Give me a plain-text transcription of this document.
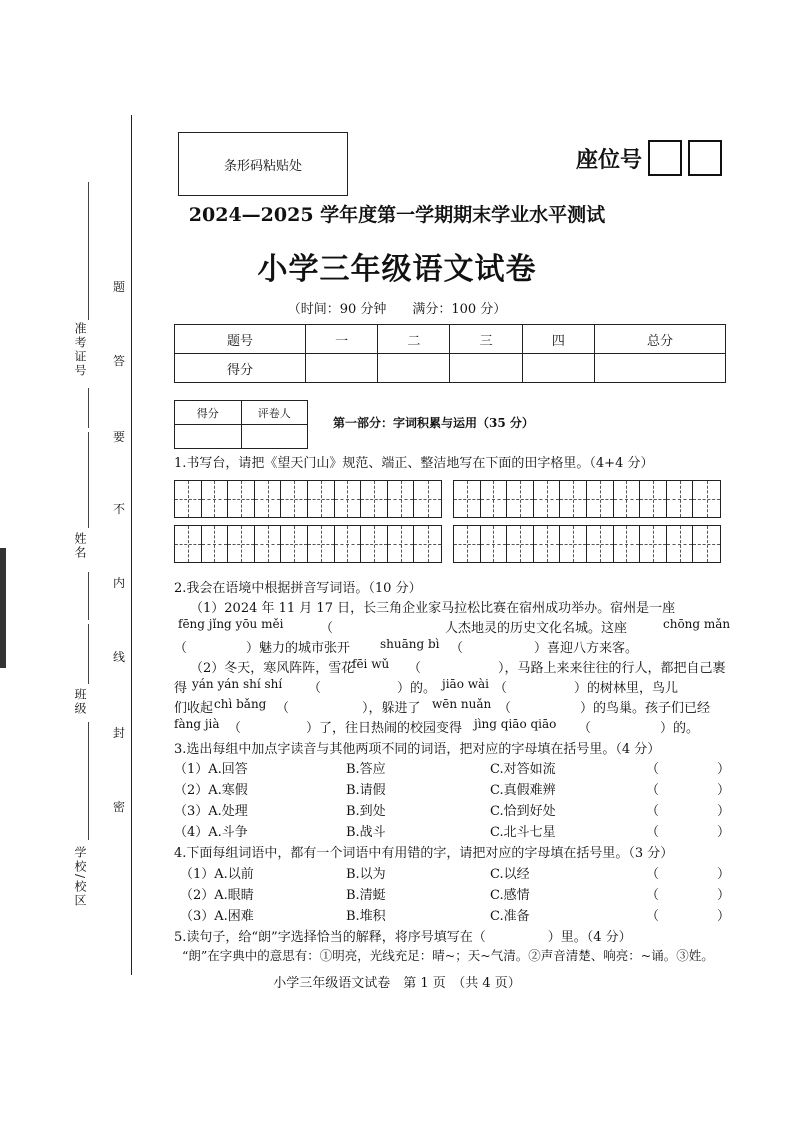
准考证号
姓名
班级
学校/校区
题
答
要
不
内
线
封
密
条形码粘贴处	座位号
2024—2025 学年度第一学期期末学业水平测试
小学三年级语文试卷
（时间：90 分钟　　满分：100 分）
题号	一	二	三	四	总分
得分					
得分	评卷人

第一部分：字词积累与运用（35 分）
1.书写台，请把《望天门山》规范、端正、整洁地写在下面的田字格里。（4+4 分）
2.我会在语境中根据拼音写词语。（10 分）
（1）2024 年 11 月 17 日，长三角企业家马拉松比赛在宿州成功举办。宿州是一座
fēng jǐng yōu měi	（	人杰地灵的历史文化名城。这座	chōng mǎn
（	）魅力的城市张开 shuāng bì （	）喜迎八方来客。
（2）冬天，寒风阵阵，雪花
fēi wǔ （	），马路上来来往往的行人，都把自己裹
得 yán yán shí shí （	）的。 jiāo wài （	）的树林里，鸟儿
们收起 chì bǎng （	），躲进了 wēn nuǎn （	）的鸟巢。孩子们已经
fàng jià （	）了，往日热闹的校园变得 jìng qiāo qiāo （	）的。
3.选出每组中加点字读音与其他两项不同的词语，把对应的字母填在括号里。（4 分）
（1）A.回答	B.答应	C.对答如流	（	）
（2）A.寒假	B.请假	C.真假难辨	（	）
（3）A.处理	B.到处	C.恰到好处	（	）
（4）A.斗争	B.战斗	C.北斗七星	（	）
4.下面每组词语中，都有一个词语中有用错的字，请把对应的字母填在括号里。（3 分）
（1）A.以前	B.以为	C.以经	（	）
（2）A.眼睛	B.清蜓	C.感情	（	）
（3）A.困难	B.堆积	C.准备	（	）
5.读句子，给“朗”字选择恰当的解释，将序号填写在（	）里。（4 分）
“朗”在字典中的意思有：①明亮，光线充足：晴~；天~气清。②声音清楚、响亮：~诵。③姓。
小学三年级语文试卷　第 1 页　（共 4 页）
